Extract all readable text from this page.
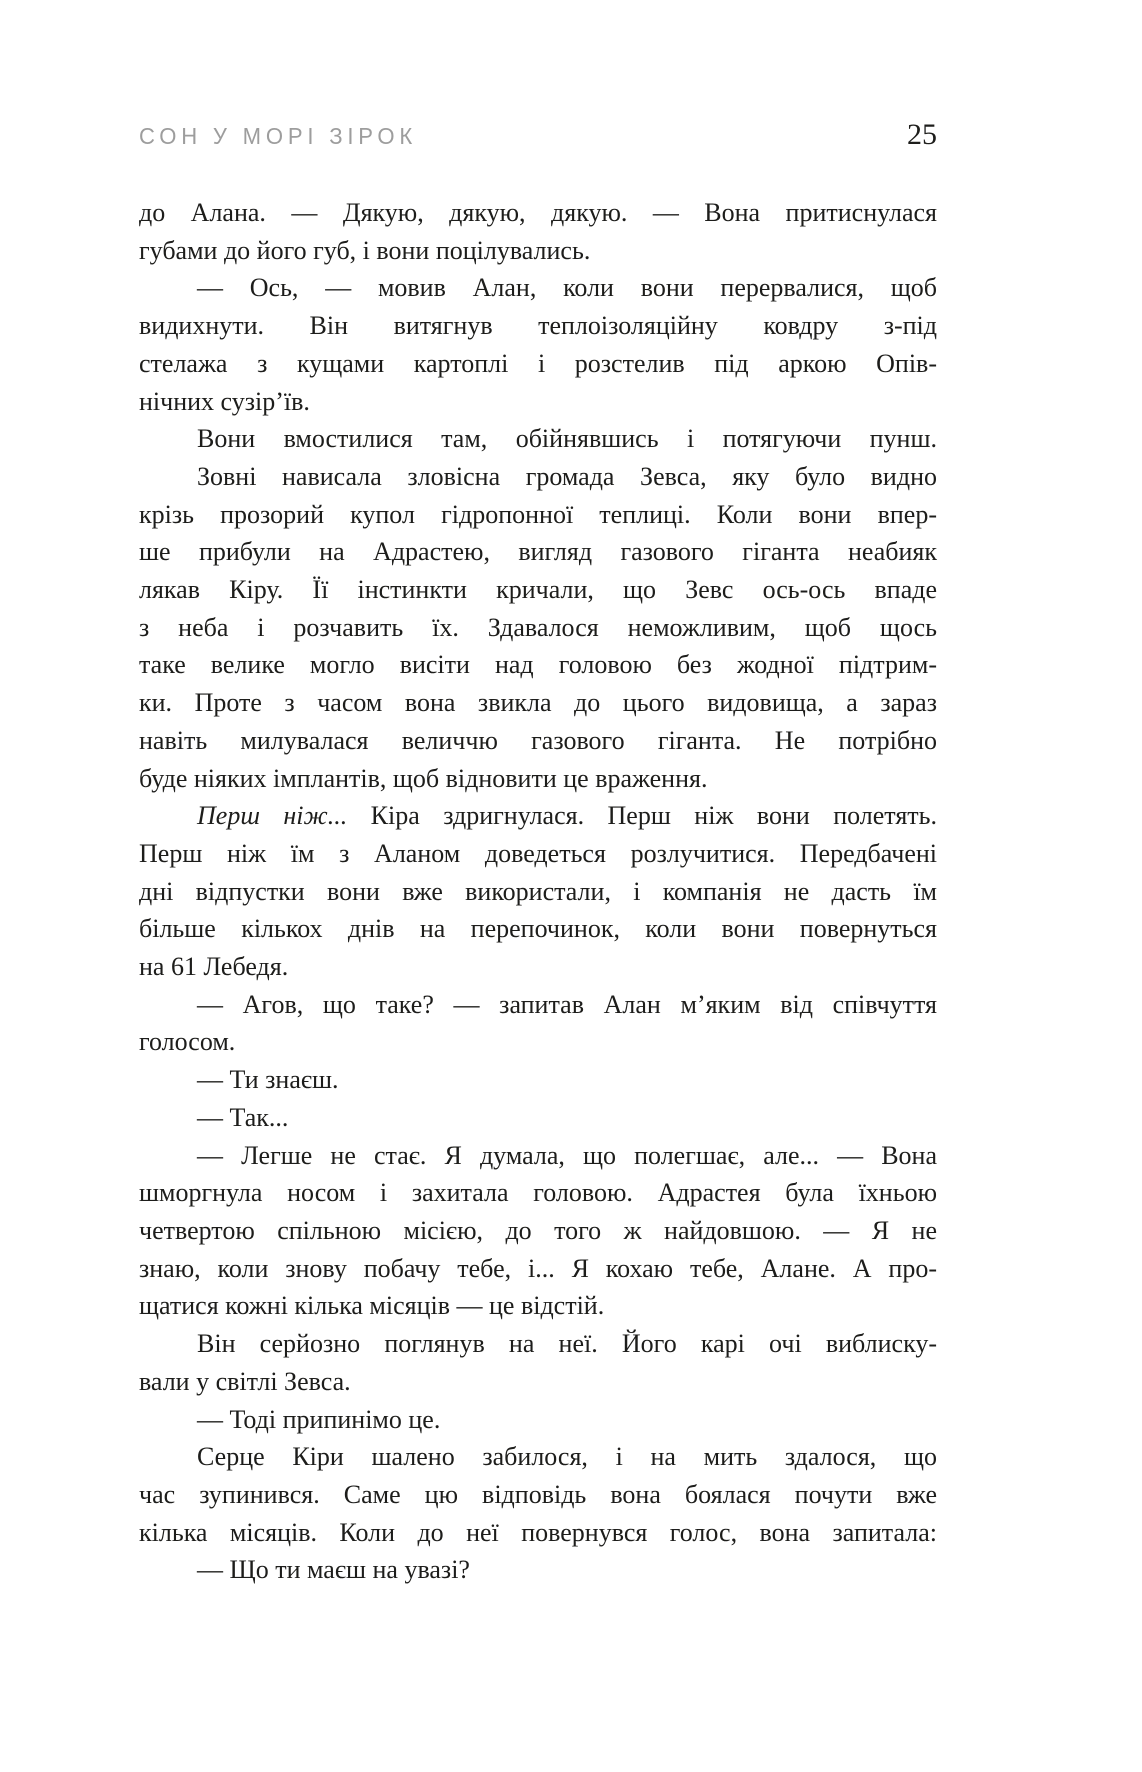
СОН У МОРІ ЗІРОК	25
до Алана. — Дякую, дякую, дякую. — Вона притиснулася
губами до його губ, і вони поцілувались.
— Ось, — мовив Алан, коли вони перервалися, щоб
видихнути. Він витягнув теплоізоляційну ковдру з-під
стелажа з кущами картоплі і розстелив під аркою Опів-
нічних сузір’їв.
Вони вмостилися там, обійнявшись і потягуючи пунш.
Зовні нависала зловісна громада Зевса, яку було видно
крізь прозорий купол гідропонної теплиці. Коли вони впер-
ше прибули на Адрастею, вигляд газового гіганта неабияк
лякав Кіру. Її інстинкти кричали, що Зевс ось-ось впаде
з неба і розчавить їх. Здавалося неможливим, щоб щось
таке велике могло висіти над головою без жодної підтрим-
ки. Проте з часом вона звикла до цього видовища, а зараз
навіть милувалася величчю газового гіганта. Не потрібно
буде ніяких імплантів, щоб відновити це враження.
Перш ніж... Кіра здригнулася. Перш ніж вони полетять.
Перш ніж їм з Аланом доведеться розлучитися. Передбачені
дні відпустки вони вже використали, і компанія не дасть їм
більше кількох днів на перепочинок, коли вони повернуться
на 61 Лебедя.
— Агов, що таке? — запитав Алан м’яким від співчуття
голосом.
— Ти знаєш.
— Так...
— Легше не стає. Я думала, що полегшає, але... — Вона
шморгнула носом і захитала головою. Адрастея була їхньою
четвертою спільною місією, до того ж найдовшою. — Я не
знаю, коли знову побачу тебе, і... Я кохаю тебе, Алане. А про-
щатися кожні кілька місяців — це відстій.
Він серйозно поглянув на неї. Його карі очі виблиску-
вали у світлі Зевса.
— Тоді припинімо це.
Серце Кіри шалено забилося, і на мить здалося, що
час зупинився. Саме цю відповідь вона боялася почути вже
кілька місяців. Коли до неї повернувся голос, вона запитала:
— Що ти маєш на увазі?
